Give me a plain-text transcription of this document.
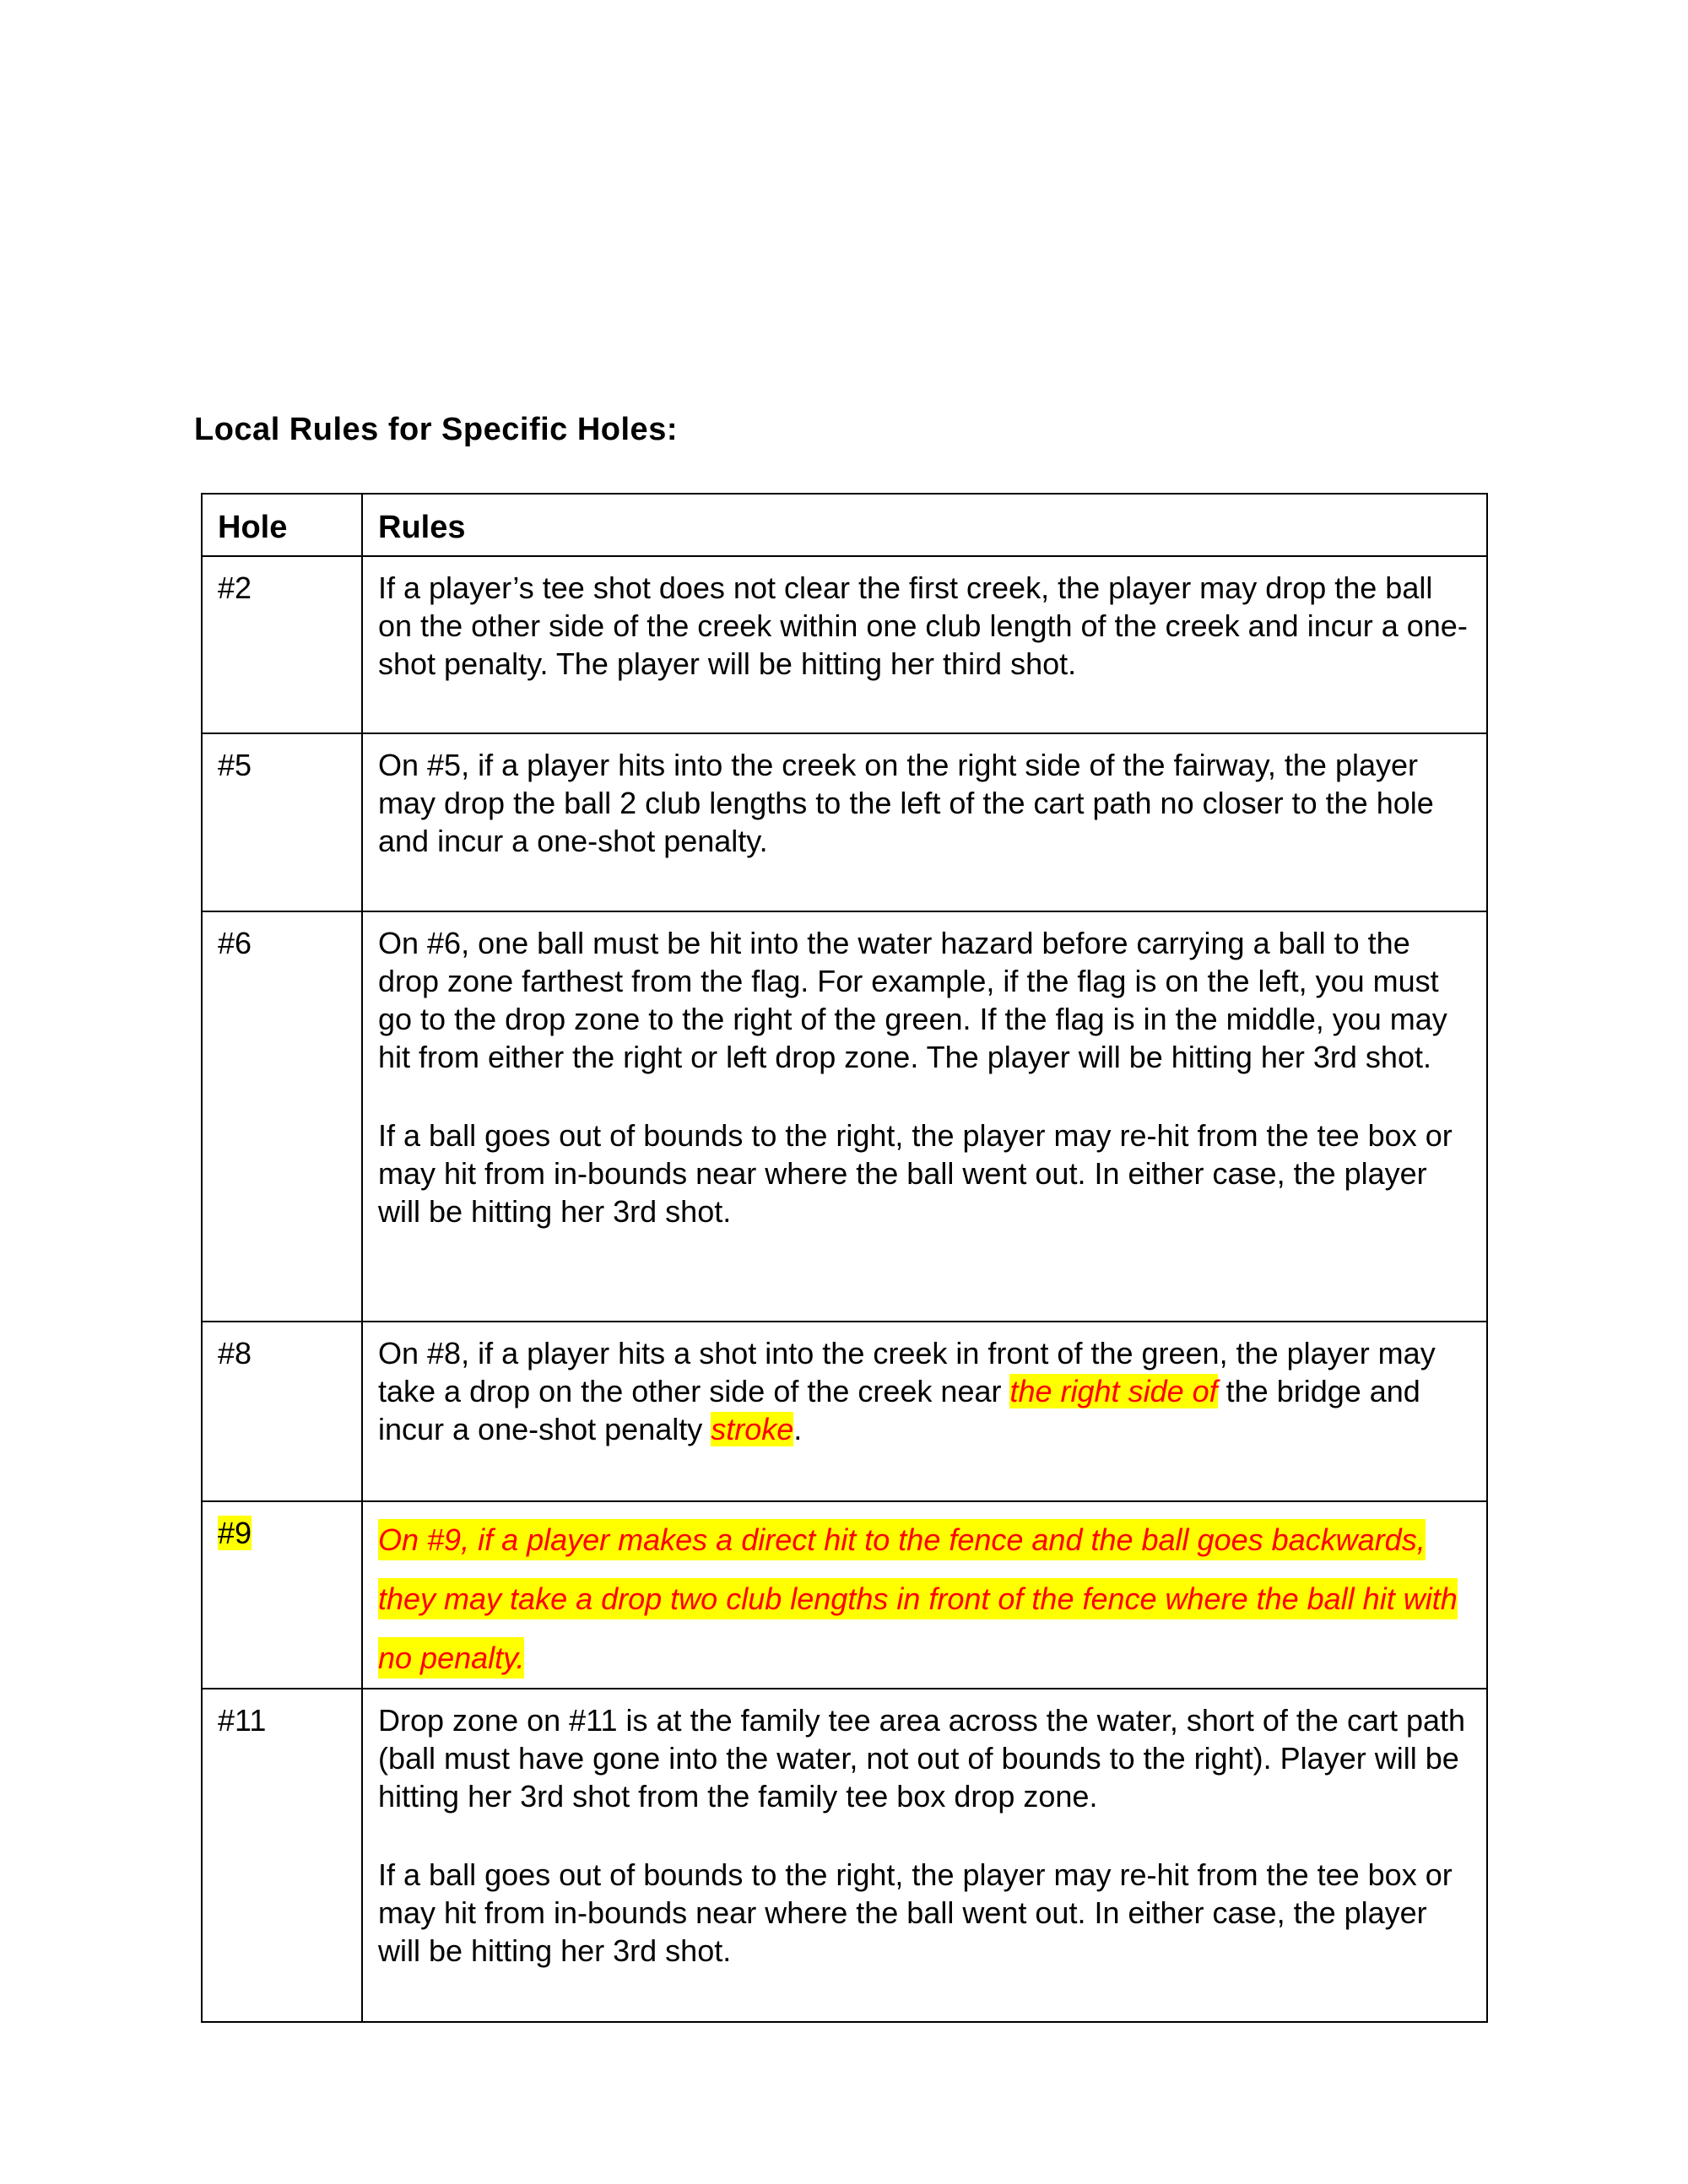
Local Rules for Specific Holes:
Hole	Rules

#2	If a player’s tee shot does not clear the first creek, the player may drop the ball on the other side of the creek within one club length of the creek and incur a one-shot penalty. The player will be hitting her third shot.

#5	On #5, if a player hits into the creek on the right side of the fairway, the player may drop the ball 2 club lengths to the left of the cart path no closer to the hole and incur a one-shot penalty.

#6	On #6, one ball must be hit into the water hazard before carrying a ball to the drop zone farthest from the flag. For example, if the flag is on the left, you must go to the drop zone to the right of the green. If the flag is in the middle, you may hit from either the right or left drop zone. The player will be hitting her 3rd shot.

If a ball goes out of bounds to the right, the player may re-hit from the tee box or may hit from in-bounds near where the ball went out. In either case, the player will be hitting her 3rd shot.

#8	On #8, if a player hits a shot into the creek in front of the green, the player may take a drop on the other side of the creek near the right side of the bridge and incur a one-shot penalty stroke.

#9	On #9, if a player makes a direct hit to the fence and the ball goes backwards, they may take a drop two club lengths in front of the fence where the ball hit with no penalty.

#11	Drop zone on #11 is at the family tee area across the water, short of the cart path (ball must have gone into the water, not out of bounds to the right). Player will be hitting her 3rd shot from the family tee box drop zone.

If a ball goes out of bounds to the right, the player may re-hit from the tee box or may hit from in-bounds near where the ball went out. In either case, the player will be hitting her 3rd shot.
